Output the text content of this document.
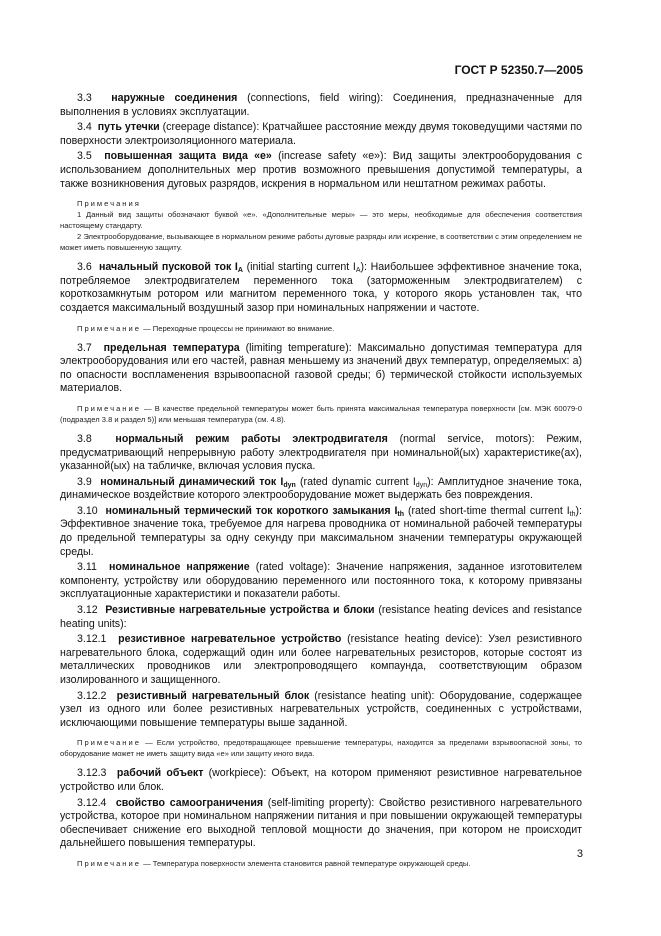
ГОСТ Р 52350.7—2005

3.3 наружные соединения (connections, field wiring): Соединения, предназначенные для выполнения в условиях эксплуатации.

3.4 путь утечки (creepage distance): Кратчайшее расстояние между двумя токоведущими частями по поверхности электроизоляционного материала.

3.5 повышенная защита вида «е» (increase safety «е»): Вид защиты электрооборудования с использованием дополнительных мер против возможного превышения допустимой температуры, а также возникновения дуговых разрядов, искрения в нормальном или нештатном режимах работы.

Примечания

1 Данный вид защиты обозначают буквой «е». «Дополнительные меры» — это меры, необходимые для обеспечения соответствия настоящему стандарту.

2 Электрооборудование, вызывающее в нормальном режиме работы дуговые разряды или искрение, в соответствии с этим определением не может иметь повышенную защиту.

3.6 начальный пусковой ток $I_A$ (initial starting current $I_A$): Наибольшее эффективное значение тока, потребляемое электродвигателем переменного тока (заторможенным электродвигателем) с короткозамкнутым ротором или магнитом переменного тока, у которого якорь установлен так, что создается максимальный воздушный зазор при номинальных напряжении и частоте.

Примечание — Переходные процессы не принимают во внимание.

3.7 предельная температура (limiting temperature): Максимально допустимая температура для электрооборудования или его частей, равная меньшему из значений двух температур, определяемых: а) по опасности воспламенения взрывоопасной газовой среды; б) термической стойкости используемых материалов.

Примечание — В качестве предельной температуры может быть принята максимальная температура поверхности [см. МЭК 60079-0 (подраздел 3.8 и раздел 5)] или меньшая температура (см. 4.8).

3.8 нормальный режим работы электродвигателя (normal service, motors): Режим, предусматривающий непрерывную работу электродвигателя при номинальной(ых) характеристике(ах), указанной(ых) на табличке, включая условия пуска.

3.9 номинальный динамический ток $I_{dyn}$ (rated dynamic current $I_{dyn}$): Амплитудное значение тока, динамическое воздействие которого электрооборудование может выдержать без повреждения.

3.10 номинальный термический ток короткого замыкания $I_{th}$ (rated short-time thermal current $I_{th}$): Эффективное значение тока, требуемое для нагрева проводника от номинальной рабочей температуры до предельной температуры за одну секунду при максимальном значении температуры окружающей среды.

3.11 номинальное напряжение (rated voltage): Значение напряжения, заданное изготовителем компоненту, устройству или оборудованию переменного или постоянного тока, к которому привязаны эксплуатационные характеристики и показатели работы.

3.12 Резистивные нагревательные устройства и блоки (resistance heating devices and resistance heating units):

3.12.1 резистивное нагревательное устройство (resistance heating device): Узел резистивного нагревательного блока, содержащий один или более нагревательных резисторов, которые состоят из металлических проводников или электропроводящего компаунда, соответствующим образом изолированного и защищенного.

3.12.2 резистивный нагревательный блок (resistance heating unit): Оборудование, содержащее узел из одного или более резистивных нагревательных устройств, соединенных с устройствами, исключающими повышение температуры выше заданной.

Примечание — Если устройство, предотвращающее превышение температуры, находится за пределами взрывоопасной зоны, то оборудование может не иметь защиту вида «е» или защиту иного вида.

3.12.3 рабочий объект (workpiece): Объект, на котором применяют резистивное нагревательное устройство или блок.

3.12.4 свойство самоограничения (self-limiting property): Свойство резистивного нагревательного устройства, которое при номинальном напряжении питания и при повышении окружающей температуры обеспечивает снижение его выходной тепловой мощности до значения, при котором не происходит дальнейшего повышения температуры.

Примечание — Температура поверхности элемента становится равной температуре окружающей среды.

3
